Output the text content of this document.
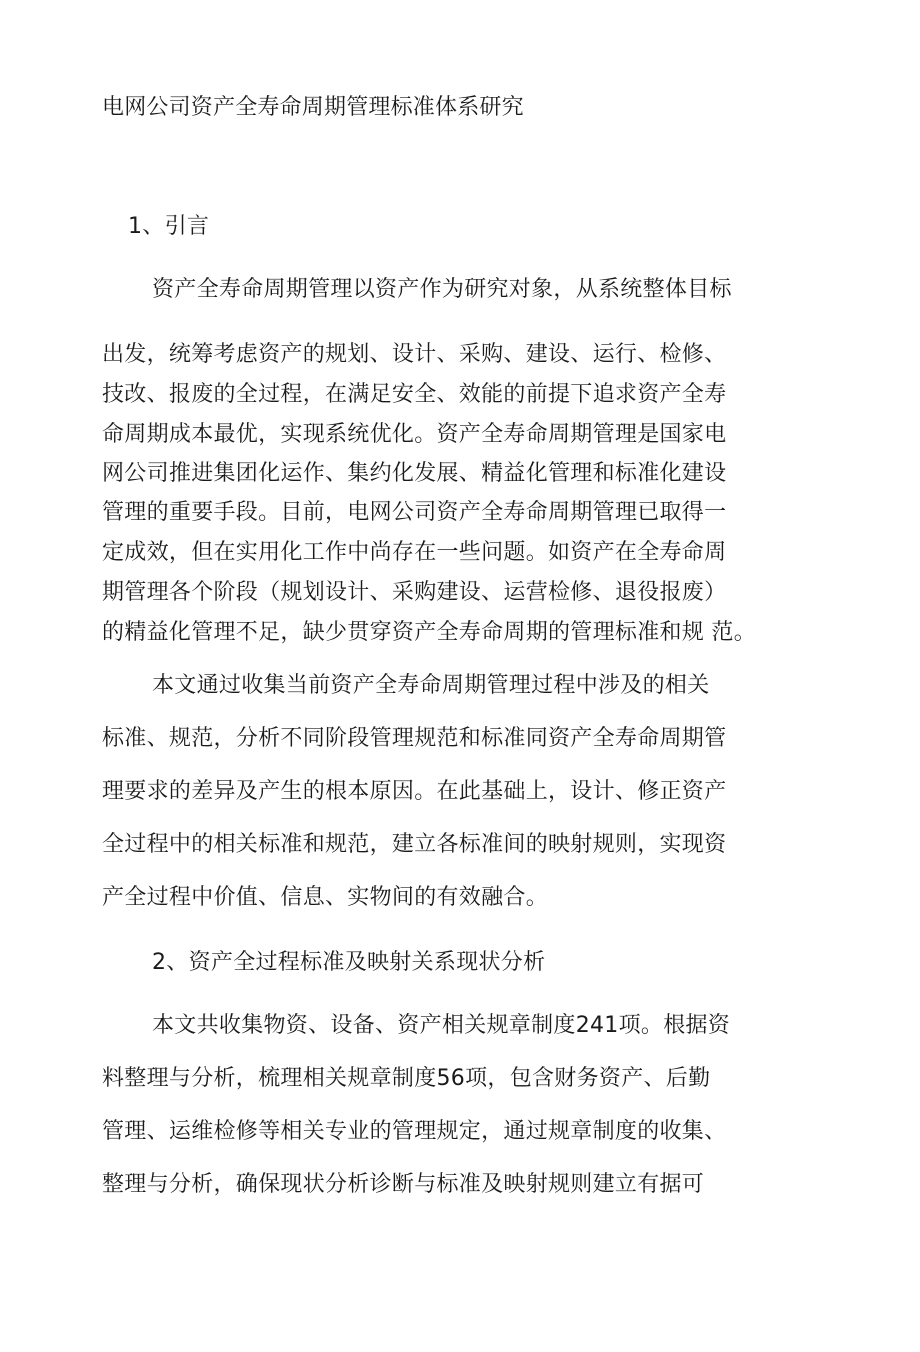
电网公司资产全寿命周期管理标准体系研究
1、引言
资产全寿命周期管理以资产作为研究对象，从系统整体目标
出发，统筹考虑资产的规划、设计、采购、建设、运行、检修、
技改、报废的全过程，在满足安全、效能的前提下追求资产全寿
命周期成本最优，实现系统优化。资产全寿命周期管理是国家电
网公司推进集团化运作、集约化发展、精益化管理和标准化建设
管理的重要手段。目前，电网公司资产全寿命周期管理已取得一
定成效，但在实用化工作中尚存在一些问题。如资产在全寿命周
期管理各个阶段（规划设计、采购建设、运营检修、退役报废）
的精益化管理不足，缺少贯穿资产全寿命周期的管理标准和规 范。
本文通过收集当前资产全寿命周期管理过程中涉及的相关
标准、规范，分析不同阶段管理规范和标准同资产全寿命周期管
理要求的差异及产生的根本原因。在此基础上，设计、修正资产
全过程中的相关标准和规范，建立各标准间的映射规则，实现资
产全过程中价值、信息、实物间的有效融合。
2、资产全过程标准及映射关系现状分析
本文共收集物资、设备、资产相关规章制度241项。根据资
料整理与分析，梳理相关规章制度56项，包含财务资产、后勤
管理、运维检修等相关专业的管理规定，通过规章制度的收集、
整理与分析，确保现状分析诊断与标准及映射规则建立有据可
